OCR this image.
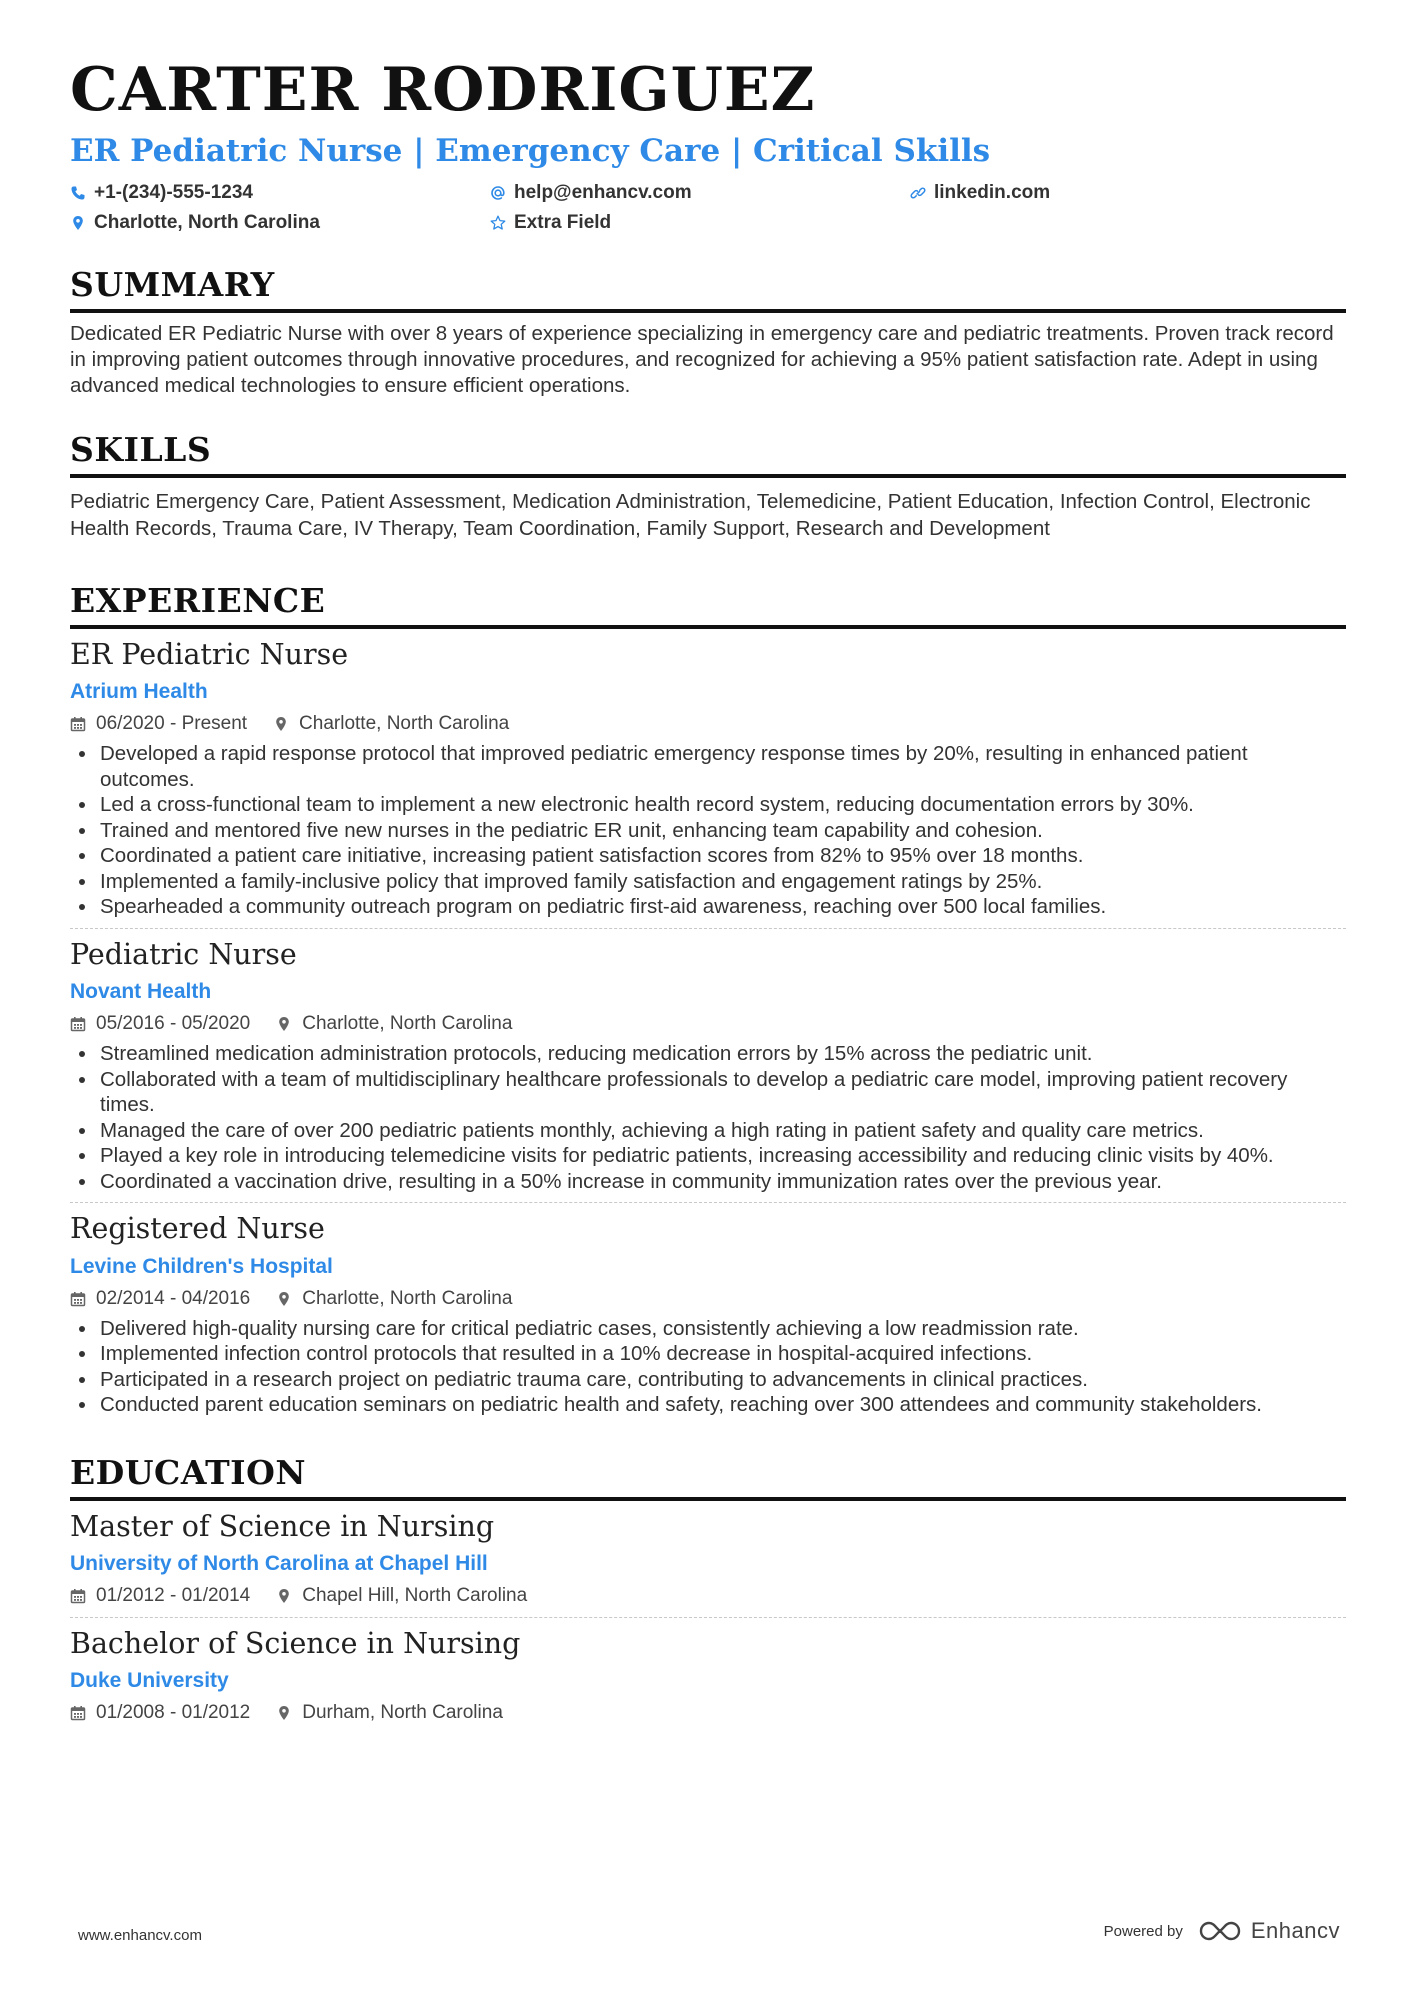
CARTER RODRIGUEZ
ER Pediatric Nurse | Emergency Care | Critical Skills
+1-(234)-555-1234	help@enhancv.com	linkedin.com
Charlotte, North Carolina	Extra Field
SUMMARY
Dedicated ER Pediatric Nurse with over 8 years of experience specializing in emergency care and pediatric treatments. Proven track record in improving patient outcomes through innovative procedures, and recognized for achieving a 95% patient satisfaction rate. Adept in using advanced medical technologies to ensure efficient operations.
SKILLS
Pediatric Emergency Care, Patient Assessment, Medication Administration, Telemedicine, Patient Education, Infection Control, Electronic Health Records, Trauma Care, IV Therapy, Team Coordination, Family Support, Research and Development
EXPERIENCE
ER Pediatric Nurse
Atrium Health
06/2020 - Present	Charlotte, North Carolina
• Developed a rapid response protocol that improved pediatric emergency response times by 20%, resulting in enhanced patient outcomes.
• Led a cross-functional team to implement a new electronic health record system, reducing documentation errors by 30%.
• Trained and mentored five new nurses in the pediatric ER unit, enhancing team capability and cohesion.
• Coordinated a patient care initiative, increasing patient satisfaction scores from 82% to 95% over 18 months.
• Implemented a family-inclusive policy that improved family satisfaction and engagement ratings by 25%.
• Spearheaded a community outreach program on pediatric first-aid awareness, reaching over 500 local families.
Pediatric Nurse
Novant Health
05/2016 - 05/2020	Charlotte, North Carolina
• Streamlined medication administration protocols, reducing medication errors by 15% across the pediatric unit.
• Collaborated with a team of multidisciplinary healthcare professionals to develop a pediatric care model, improving patient recovery times.
• Managed the care of over 200 pediatric patients monthly, achieving a high rating in patient safety and quality care metrics.
• Played a key role in introducing telemedicine visits for pediatric patients, increasing accessibility and reducing clinic visits by 40%.
• Coordinated a vaccination drive, resulting in a 50% increase in community immunization rates over the previous year.
Registered Nurse
Levine Children's Hospital
02/2014 - 04/2016	Charlotte, North Carolina
• Delivered high-quality nursing care for critical pediatric cases, consistently achieving a low readmission rate.
• Implemented infection control protocols that resulted in a 10% decrease in hospital-acquired infections.
• Participated in a research project on pediatric trauma care, contributing to advancements in clinical practices.
• Conducted parent education seminars on pediatric health and safety, reaching over 300 attendees and community stakeholders.
EDUCATION
Master of Science in Nursing
University of North Carolina at Chapel Hill
01/2012 - 01/2014	Chapel Hill, North Carolina
Bachelor of Science in Nursing
Duke University
01/2008 - 01/2012	Durham, North Carolina
www.enhancv.com	Powered by	Enhancv
